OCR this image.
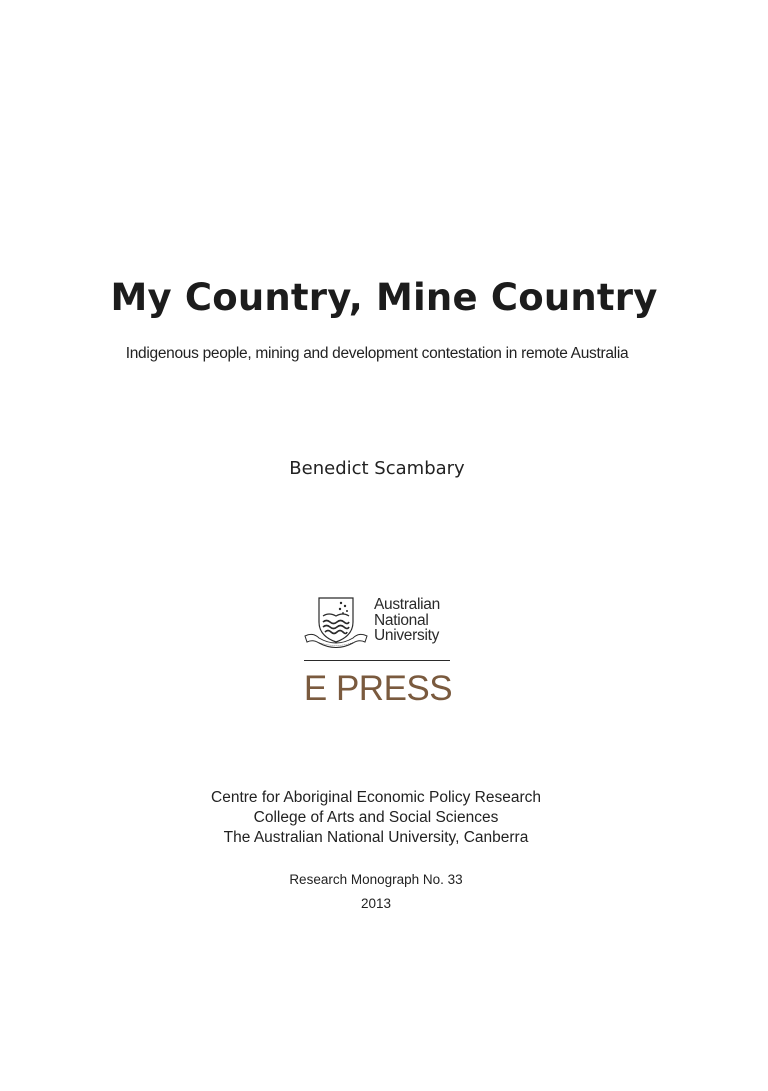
My Country, Mine Country
Indigenous people, mining and development contestation in remote Australia
Benedict Scambary
Australian
National
University
E PRESS
Centre for Aboriginal Economic Policy Research
College of Arts and Social Sciences
The Australian National University, Canberra
Research Monograph No. 33
2013
